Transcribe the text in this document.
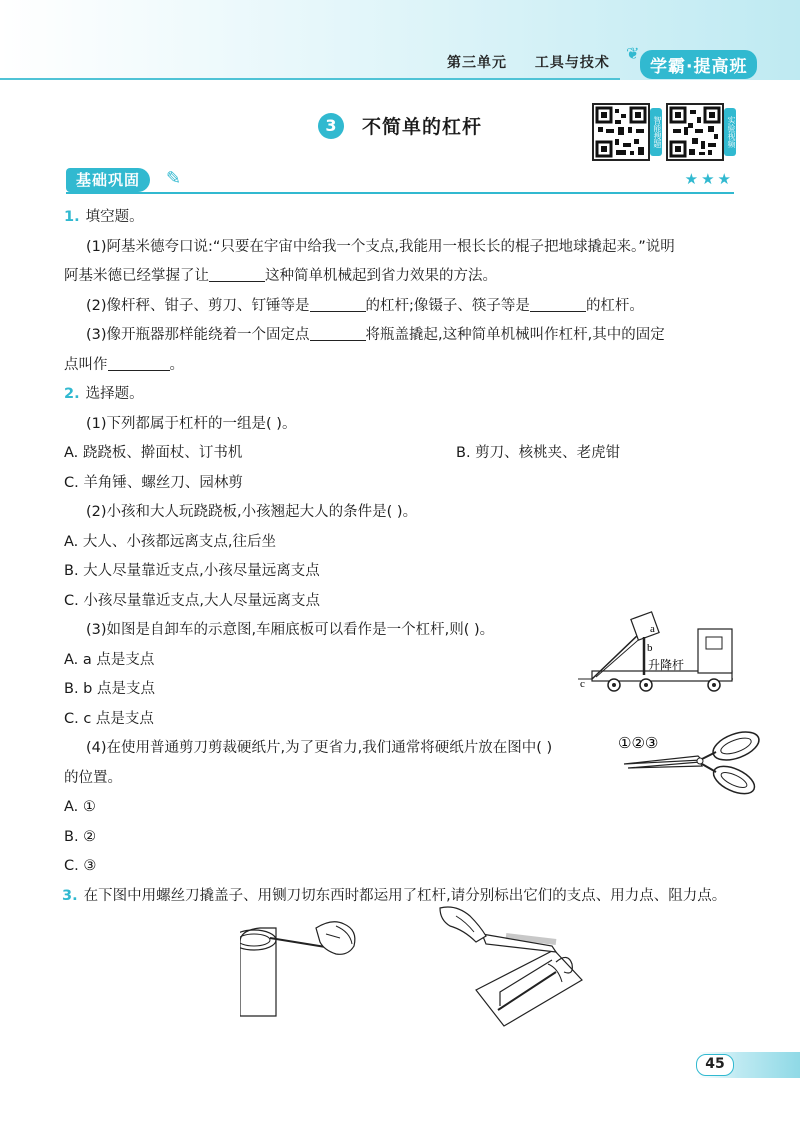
第三单元 工具与技术	❦
学霸·提高班
3	不简单的杠杆	智能搜题	实验视频
基础巩固	✎	★★★
1. 填空题。
(1)阿基米德夸口说:“只要在宇宙中给我一个支点,我能用一根长长的棍子把地球撬起来。”说明
阿基米德已经掌握了让	这种简单机械起到省力效果的方法。
(2)像杆秤、钳子、剪刀、钉锤等是	的杠杆;像镊子、筷子等是	的杠杆。
(3)像开瓶器那样能绕着一个固定点	将瓶盖撬起,这种简单机械叫作杠杆,其中的固定
点叫作	。
2. 选择题。
(1)下列都属于杠杆的一组是( )。
A. 跷跷板、擀面杖、订书机	B. 剪刀、核桃夹、老虎钳
C. 羊角锤、螺丝刀、园林剪
(2)小孩和大人玩跷跷板,小孩翘起大人的条件是( )。
A. 大人、小孩都远离支点,往后坐
B. 大人尽量靠近支点,小孩尽量远离支点
C. 小孩尽量靠近支点,大人尽量远离支点
(3)如图是自卸车的示意图,车厢底板可以看作是一个杠杆,则( )。
A. a 点是支点
B. b 点是支点
C. c 点是支点
(4)在使用普通剪刀剪裁硬纸片,为了更省力,我们通常将硬纸片放在图中( )
的位置。
A. ①
B. ②
C. ③
3. 在下图中用螺丝刀撬盖子、用铡刀切东西时都运用了杠杆,请分别标出它们的支点、用力点、阻力点。
a
b
c
升降杆
①②③
45
